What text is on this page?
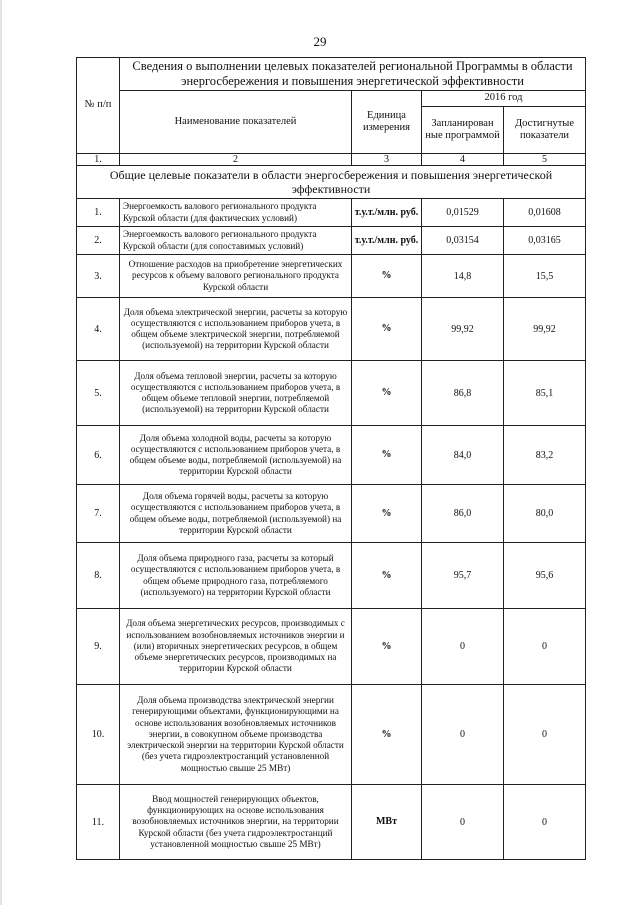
29
№ п/п	Сведения о выполнении целевых показателей региональной Программы в области энергосбережения и повышения энергетической эффективности			
	Наименование показателей	Единица измерения	2016 год	
			Запланирован ные программой	Достигнутые показатели
1.	2	3	4	5
Общие целевые показатели в области энергосбережения и повышения энергетической эффективности				
1.	Энергоемкость валового регионального продукта Курской области (для фактических условий)	т.у.т./млн. руб.	0,01529	0,01608
2.	Энергоемкость валового регионального продукта Курской области (для сопоставимых условий)	т.у.т./млн. руб.	0,03154	0,03165
3.	Отношение расходов на приобретение энергетических ресурсов к объему валового регионального продукта Курской области	%	14,8	15,5
4.	Доля объема электрической энергии, расчеты за которую осуществляются с использованием приборов учета, в общем объеме электрической энергии, потребляемой (используемой) на территории Курской области	%	99,92	99,92
5.	Доля объема тепловой энергии, расчеты за которую осуществляются с использованием приборов учета, в общем объеме тепловой энергии, потребляемой (используемой) на территории Курской области	%	86,8	85,1
6.	Доля объема холодной воды, расчеты за которую осуществляются с использованием приборов учета, в общем объеме воды, потребляемой (используемой) на территории Курской области	%	84,0	83,2
7.	Доля объема горячей воды, расчеты за которую осуществляются с использованием приборов учета, в общем объеме воды, потребляемой (используемой) на территории Курской области	%	86,0	80,0
8.	Доля объема природного газа, расчеты за который осуществляются с использованием приборов учета, в общем объеме природного газа, потребляемого (используемого) на территории Курской области	%	95,7	95,6
9.	Доля объема энергетических ресурсов, производимых с использованием возобновляемых источников энергии и (или) вторичных энергетических ресурсов, в общем объеме энергетических ресурсов, производимых на территории Курской области	%	0	0
10.	Доля объема производства электрической энергии генерирующими объектами, функционирующими на основе использования возобновляемых источников энергии, в совокупном объеме производства электрической энергии на территории Курской области (без учета гидроэлектростанций установленной мощностью свыше 25 МВт)	%	0	0
11.	Ввод мощностей генерирующих объектов, функционирующих на основе использования возобновляемых источников энергии, на территории Курской области (без учета гидроэлектростанций установленной мощностью свыше 25 МВт)	МВт	0	0
